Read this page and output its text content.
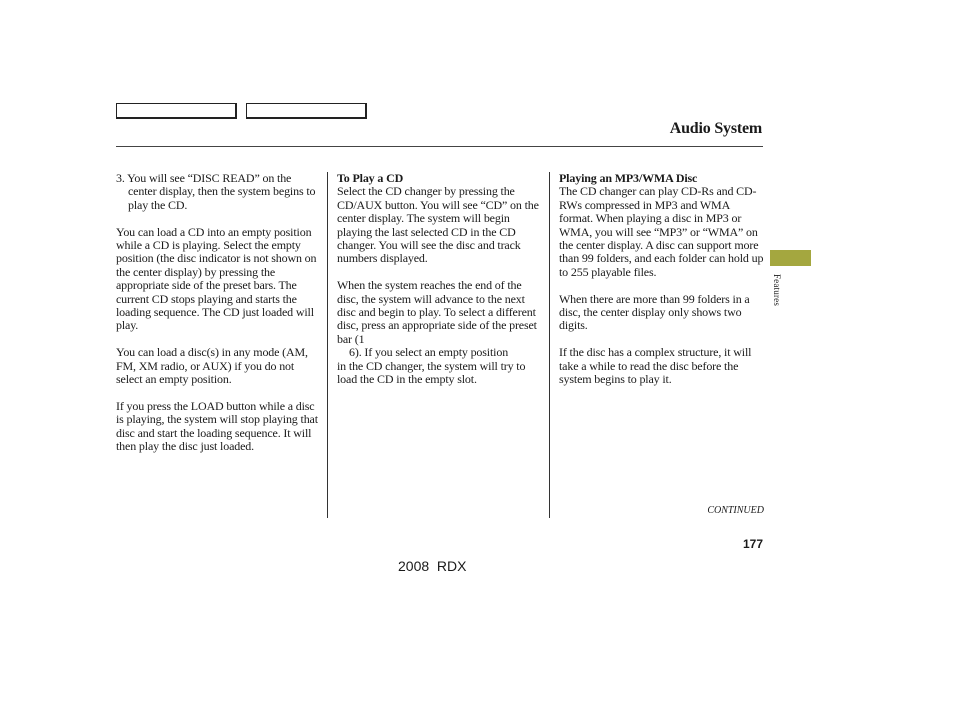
Audio System

3. You will see “DISC READ” on the center display, then the system begins to play the CD.

You can load a CD into an empty position while a CD is playing. Select the empty position (the disc indicator is not shown on the center display) by pressing the appropriate side of the preset bars. The current CD stops playing and starts the loading sequence. The CD just loaded will play.

You can load a disc(s) in any mode (AM, FM, XM radio, or AUX) if you do not select an empty position.

If you press the LOAD button while a disc is playing, the system will stop playing that disc and start the loading sequence. It will then play the disc just loaded.

To Play a CD

Select the CD changer by pressing the CD/AUX button. You will see “CD” on the center display. The system will begin playing the last selected CD in the CD changer. You will see the disc and track numbers displayed.

When the system reaches the end of the disc, the system will advance to the next disc and begin to play. To select a different disc, press an appropriate side of the preset bar (1

6). If you select an empty position

in the CD changer, the system will try to load the CD in the empty slot.

Playing an MP3/WMA Disc

The CD changer can play CD-Rs and CD-RWs compressed in MP3 and WMA format. When playing a disc in MP3 or WMA, you will see “MP3” or “WMA” on the center display. A disc can support more than 99 folders, and each folder can hold up to 255 playable files.

When there are more than 99 folders in a disc, the center display only shows two digits.

If the disc has a complex structure, it will take a while to read the disc before the system begins to play it.

Features
CONTINUED
177
2008  RDX
